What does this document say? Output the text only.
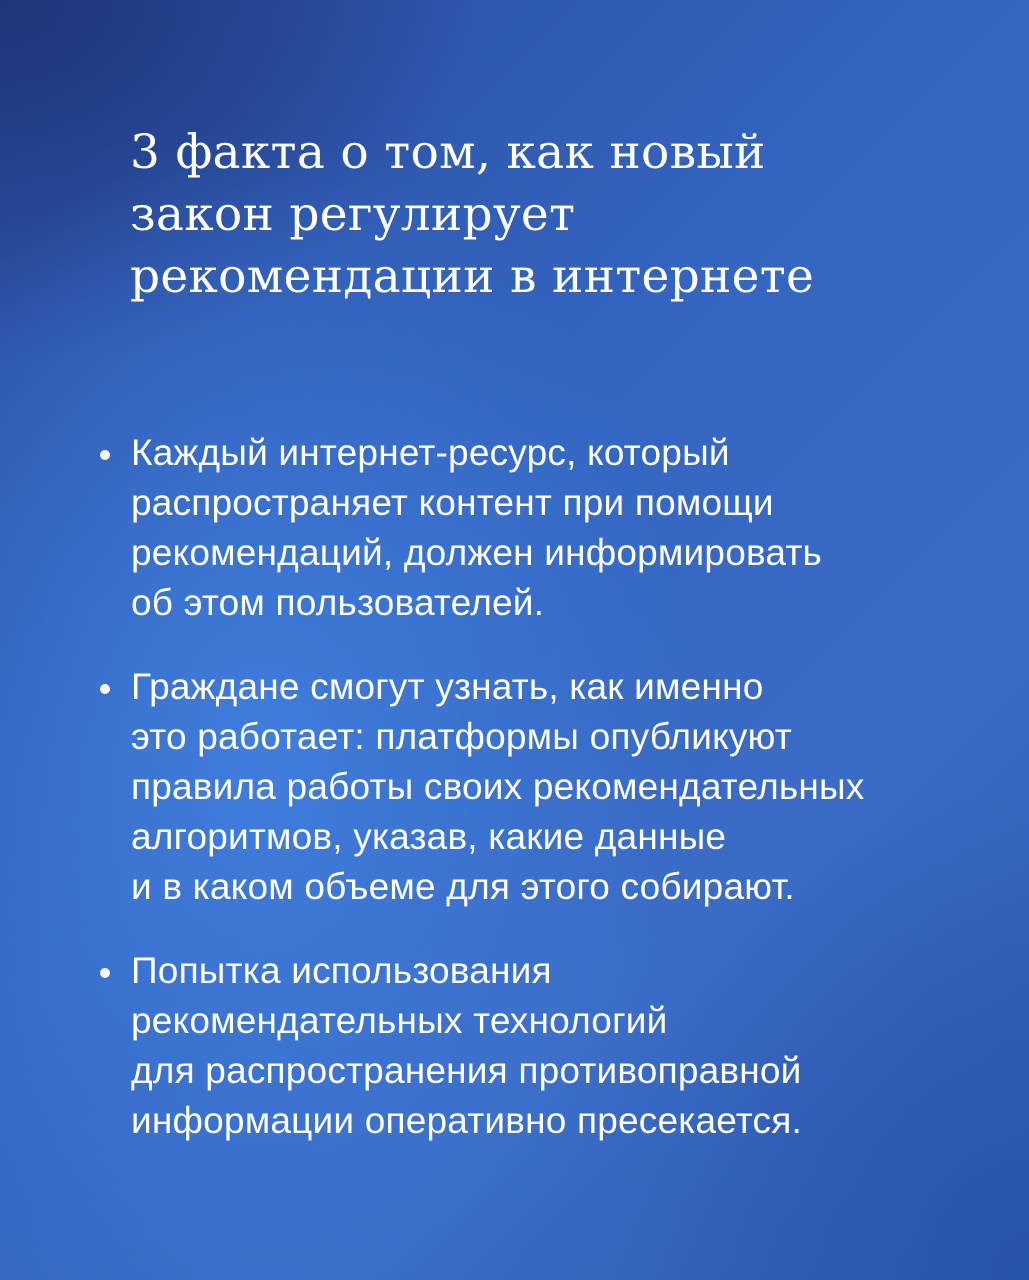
3 факта о том, как новый
закон регулирует
рекомендации в интернете
Каждый интернет-ресурс, который
распространяет контент при помощи
рекомендаций, должен информировать
об этом пользователей.
Граждане смогут узнать, как именно
это работает: платформы опубликуют
правила работы своих рекомендательных
алгоритмов, указав, какие данные
и в каком объеме для этого собирают.
Попытка использования
рекомендательных технологий
для распространения противоправной
информации оперативно пресекается.
